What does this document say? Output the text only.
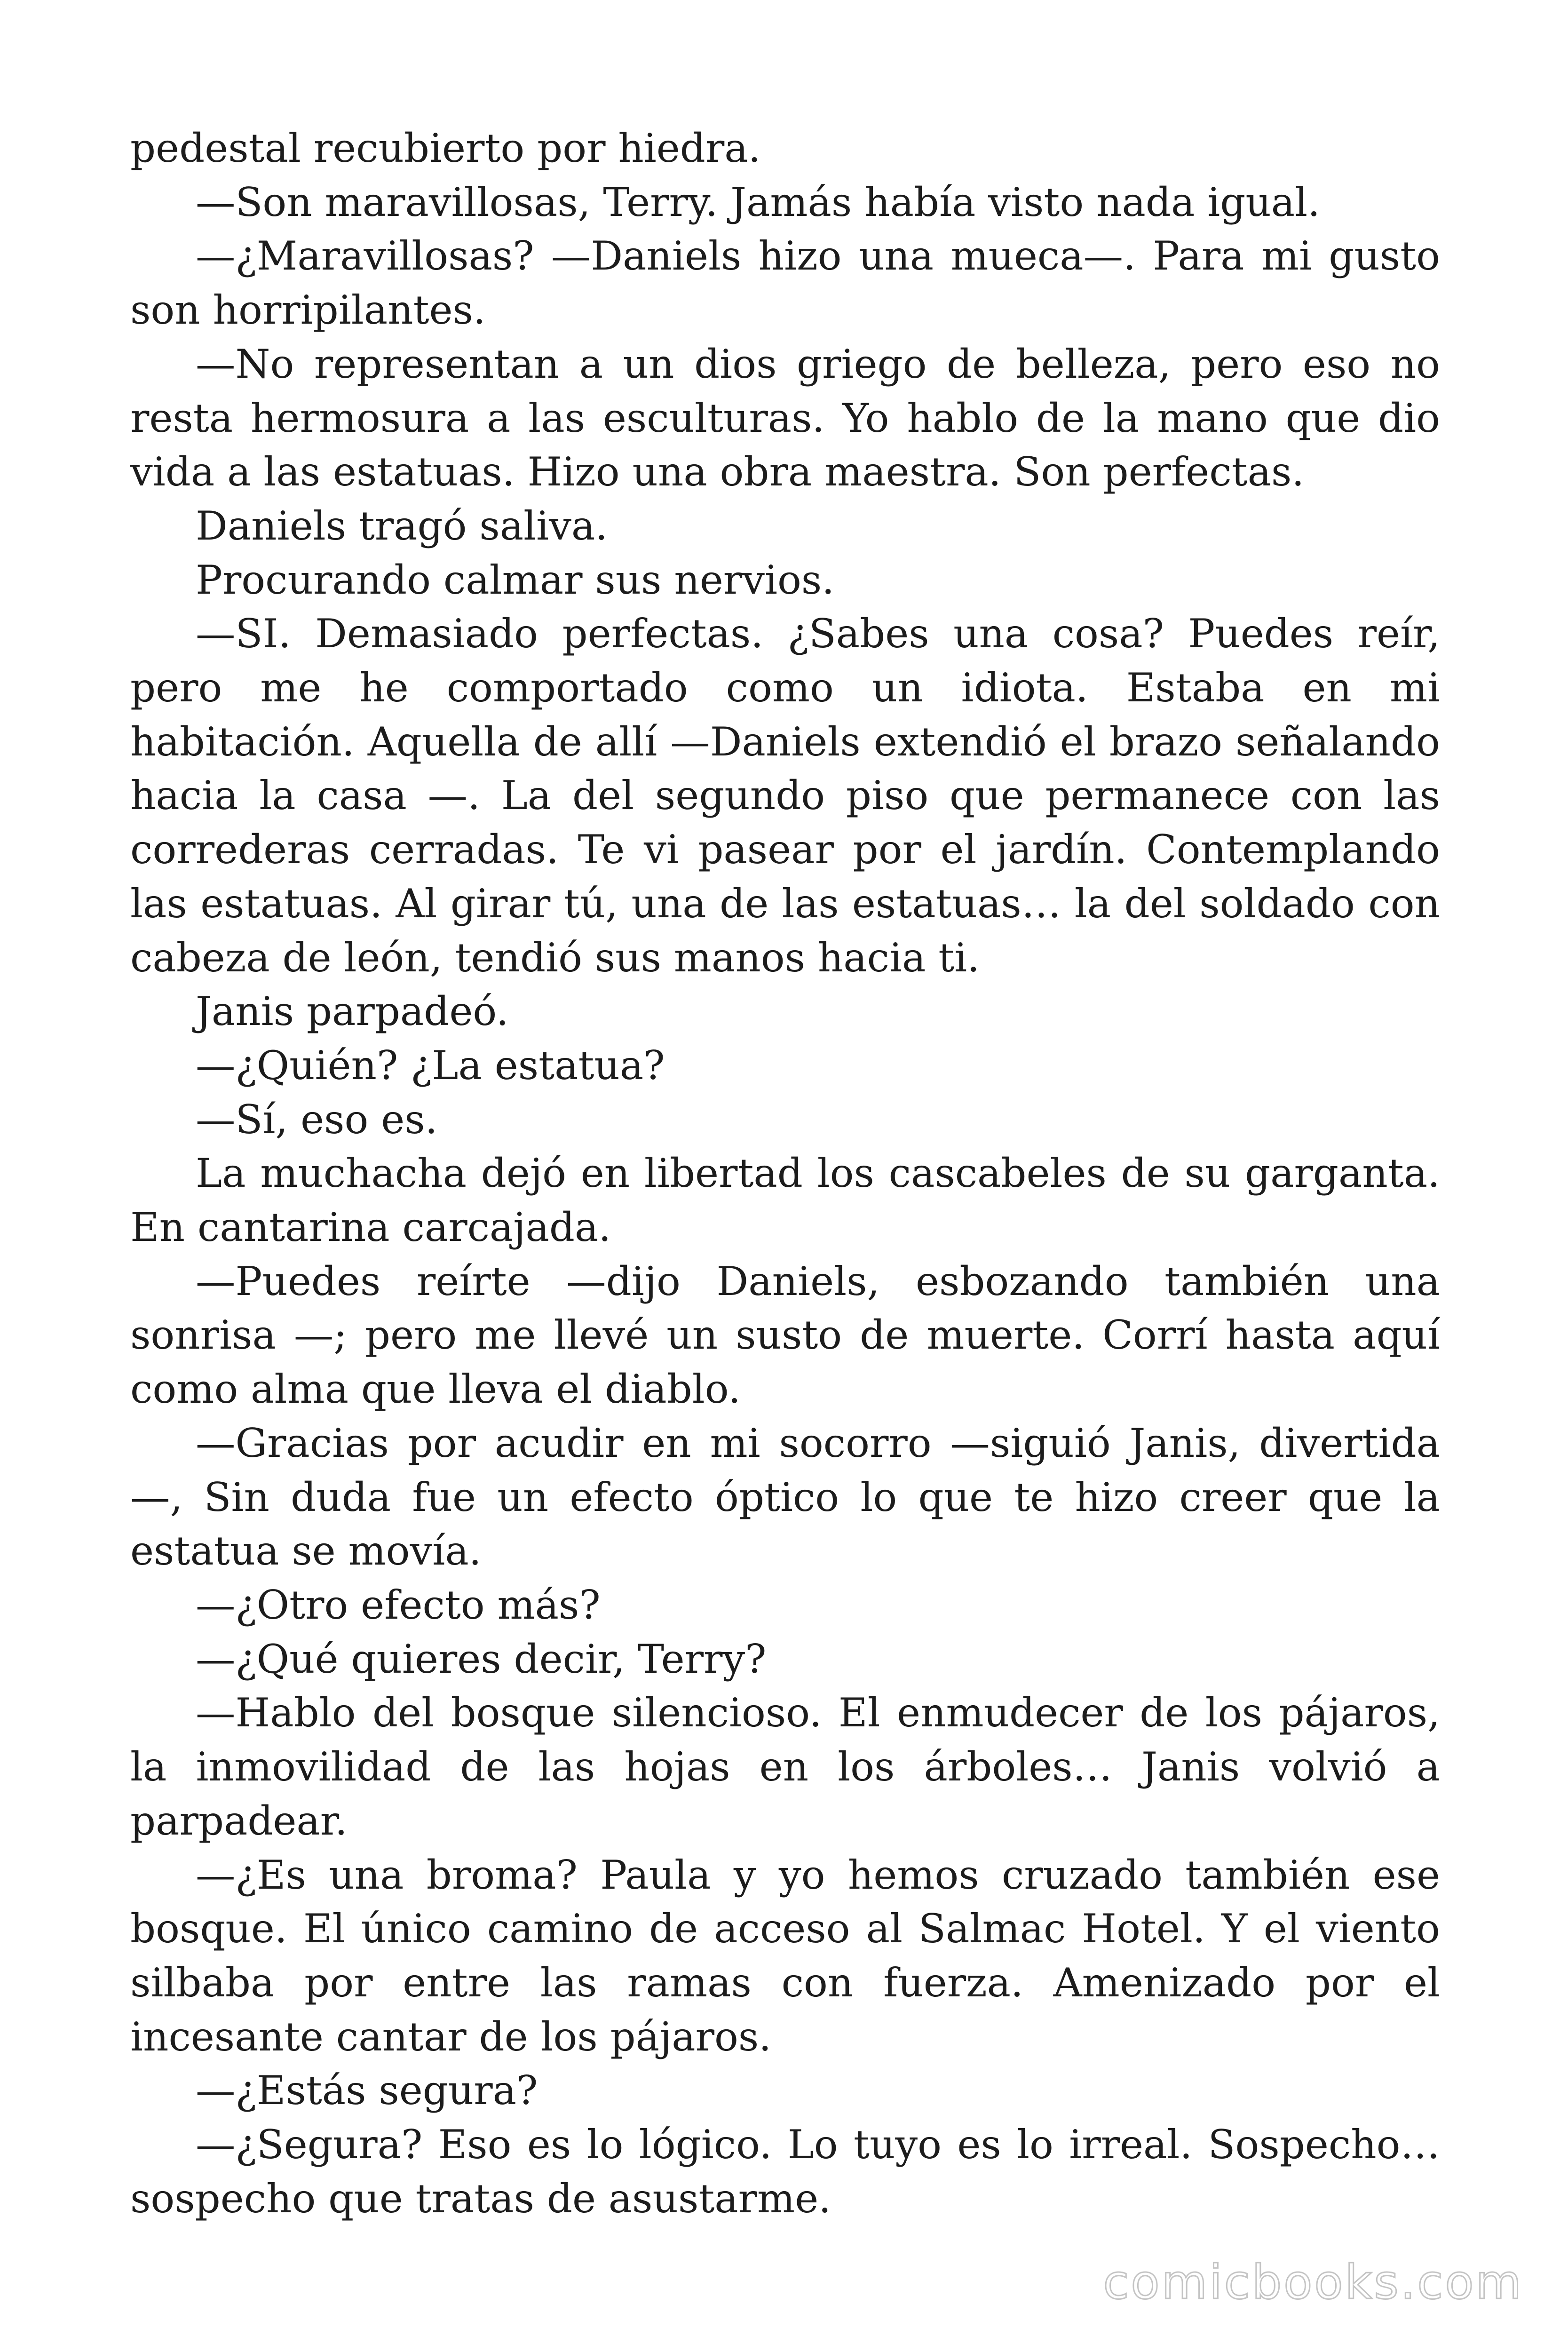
pedestal recubierto por hiedra.

—Son maravillosas, Terry. Jamás había visto nada igual.

—¿Maravillosas? —Daniels hizo una mueca—. Para mi gusto son horripilantes.

—No representan a un dios griego de belleza, pero eso no resta hermosura a las esculturas. Yo hablo de la mano que dio vida a las estatuas. Hizo una obra maestra. Son perfectas.

Daniels tragó saliva.

Procurando calmar sus nervios.

—SI. Demasiado perfectas. ¿Sabes una cosa? Puedes reír, pero me he comportado como un idiota. Estaba en mi habitación. Aquella de allí —Daniels extendió el brazo señalando hacia la casa —. La del segundo piso que permanece con las correderas cerradas. Te vi pasear por el jardín. Contemplando las estatuas. Al girar tú, una de las estatuas… la del soldado con cabeza de león, tendió sus manos hacia ti.

Janis parpadeó.

—¿Quién? ¿La estatua?

—Sí, eso es.

La muchacha dejó en libertad los cascabeles de su garganta. En cantarina carcajada.

—Puedes reírte —dijo Daniels, esbozando también una sonrisa —; pero me llevé un susto de muerte. Corrí hasta aquí como alma que lleva el diablo.

—Gracias por acudir en mi socorro —siguió Janis, divertida—, Sin duda fue un efecto óptico lo que te hizo creer que la estatua se movía.

—¿Otro efecto más?

—¿Qué quieres decir, Terry?

—Hablo del bosque silencioso. El enmudecer de los pájaros, la inmovilidad de las hojas en los árboles… Janis volvió a parpadear.

—¿Es una broma? Paula y yo hemos cruzado también ese bosque. El único camino de acceso al Salmac Hotel. Y el viento silbaba por entre las ramas con fuerza. Amenizado por el incesante cantar de los pájaros.

—¿Estás segura?

—¿Segura? Eso es lo lógico. Lo tuyo es lo irreal. Sospecho… sospecho que tratas de asustarme.

comicbooks.com
